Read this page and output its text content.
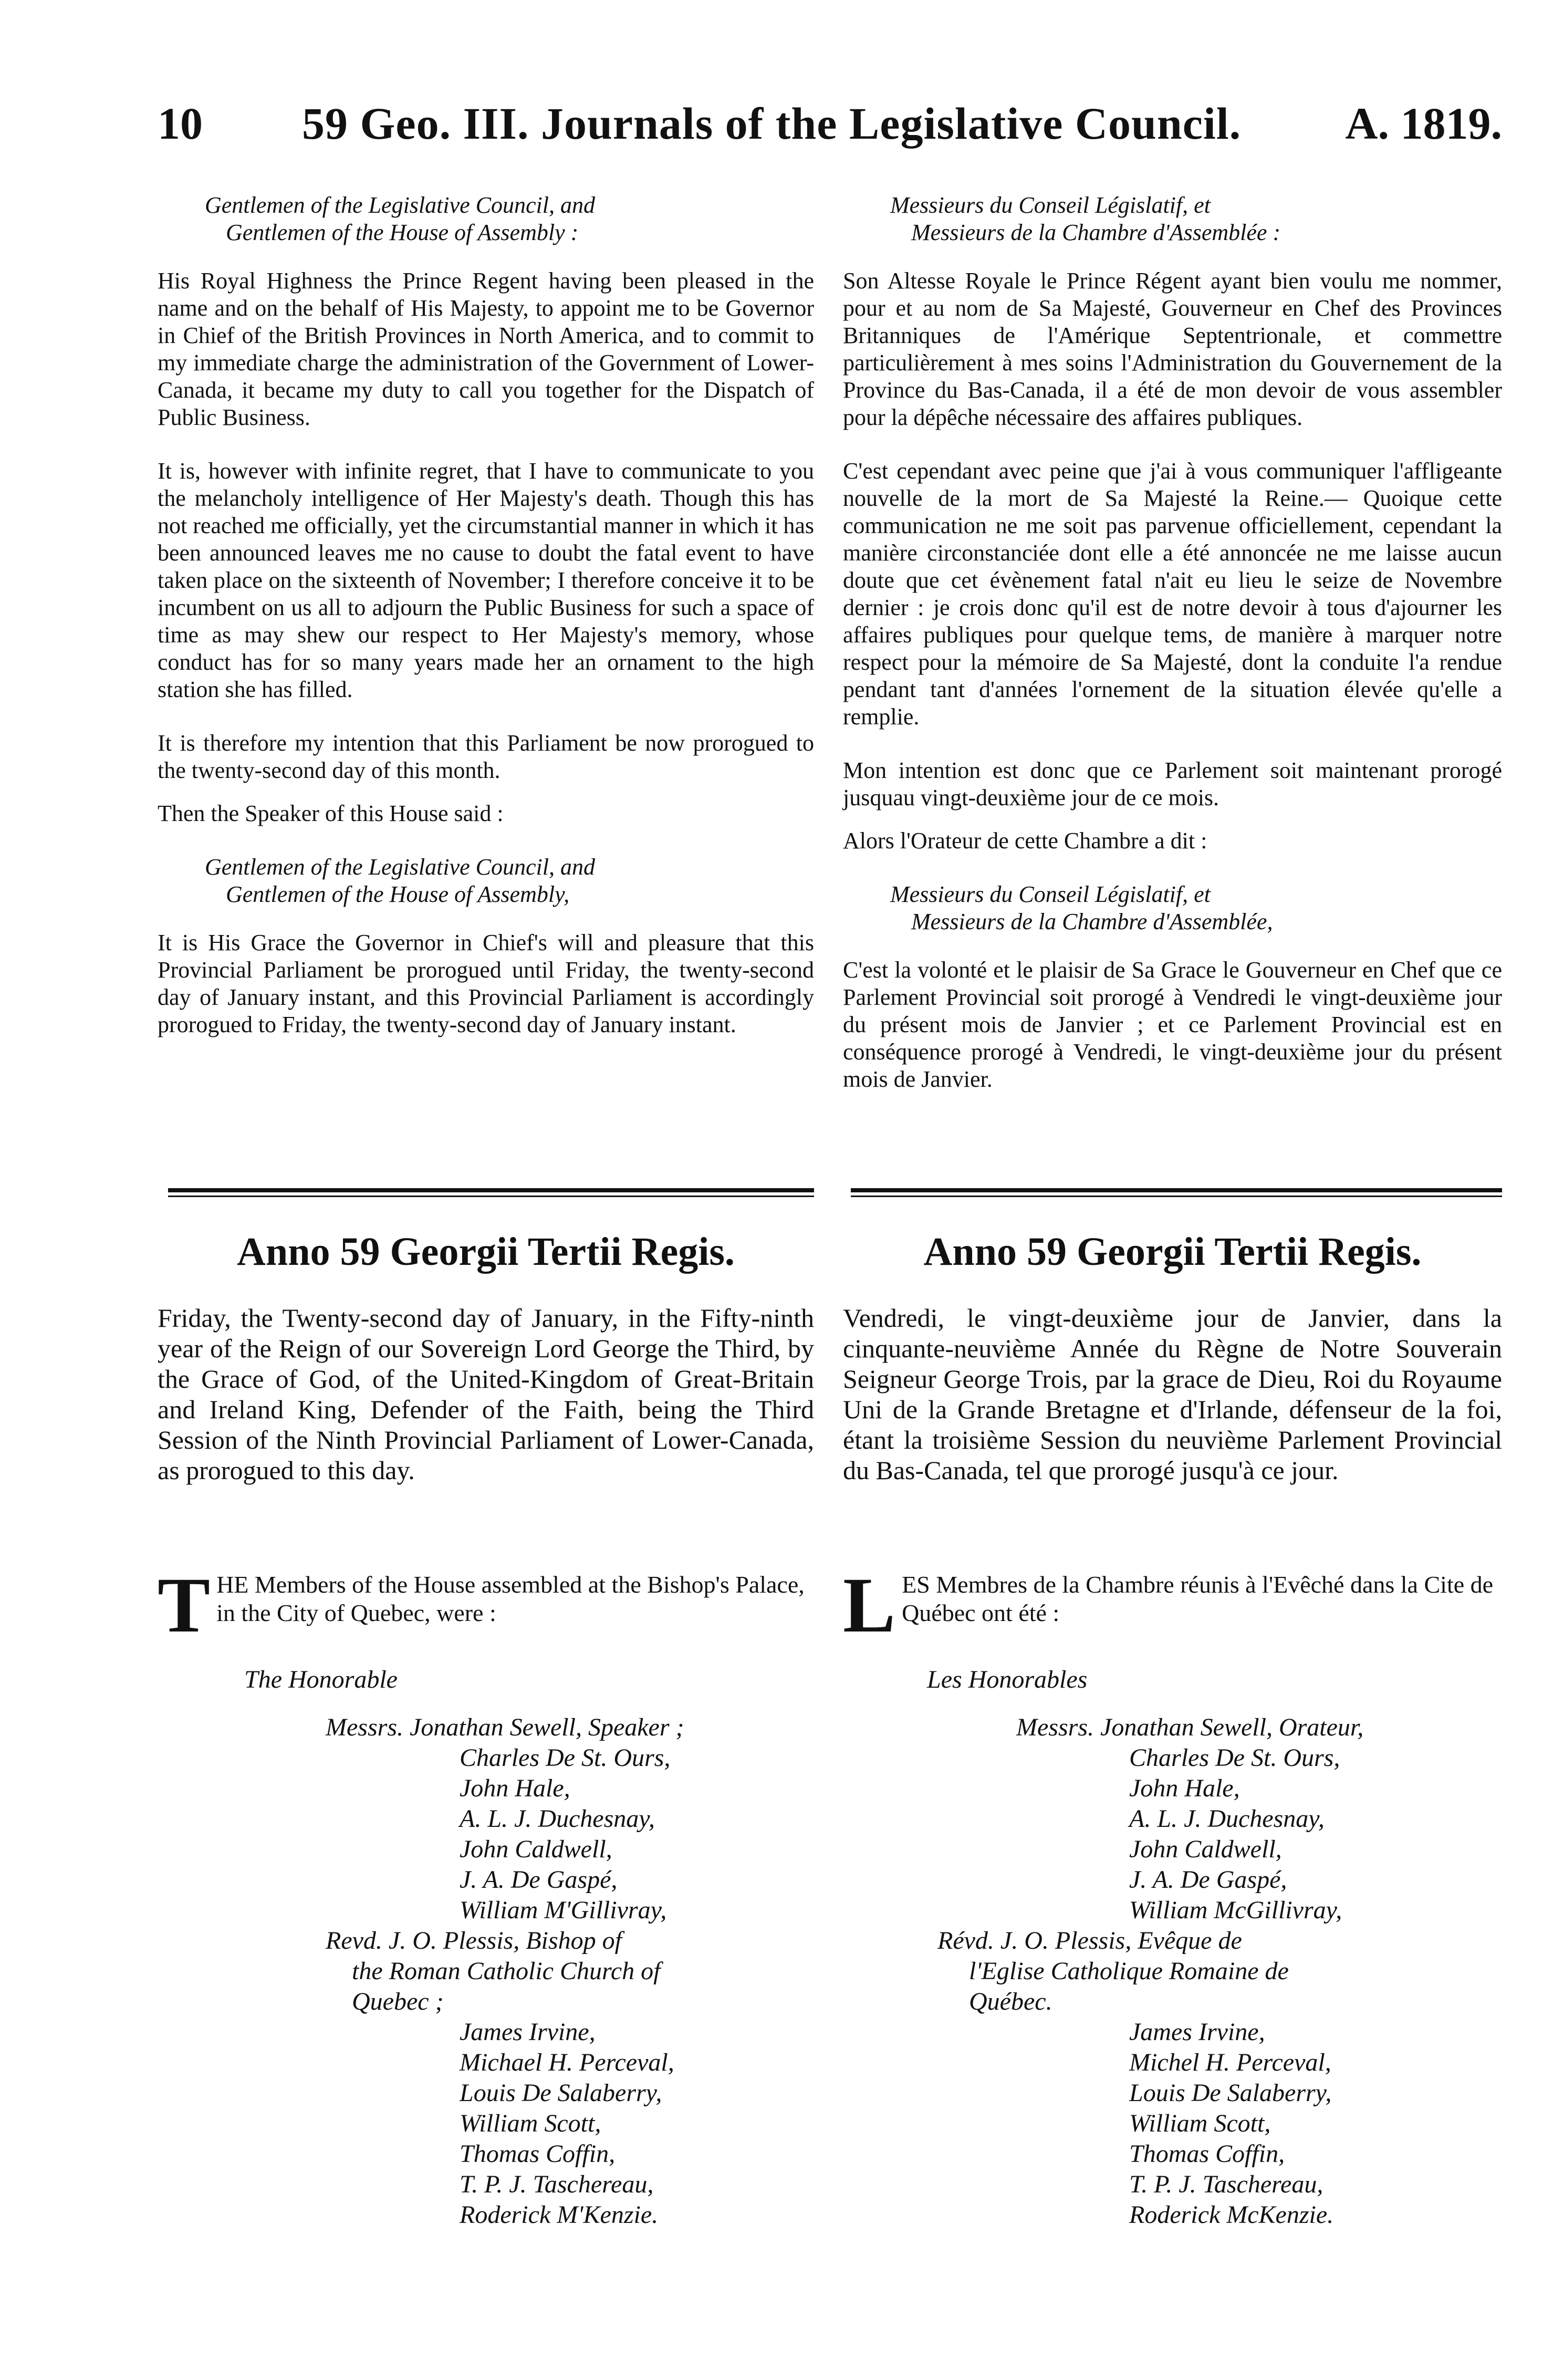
10 59 Geo. III. Journals of the Legislative Council. A. 1819.
Gentlemen of the Legislative Council, and
Gentlemen of the House of Assembly :

His Royal Highness the Prince Regent having been pleased in the name and on the behalf of His Majesty, to appoint me to be Governor in Chief of the British Provinces in North America, and to commit to my immediate charge the administration of the Government of Lower-Canada, it became my duty to call you together for the Dispatch of Public Business.

It is, however with infinite regret, that I have to communicate to you the melancholy intelligence of Her Majesty's death. Though this has not reached me officially, yet the circumstantial manner in which it has been announced leaves me no cause to doubt the fatal event to have taken place on the sixteenth of November; I therefore conceive it to be incumbent on us all to adjourn the Public Business for such a space of time as may shew our respect to Her Majesty's memory, whose conduct has for so many years made her an ornament to the high station she has filled.

It is therefore my intention that this Parliament be now prorogued to the twenty-second day of this month.

Then the Speaker of this House said :

Gentlemen of the Legislative Council, and
Gentlemen of the House of Assembly,

It is His Grace the Governor in Chief's will and pleasure that this Provincial Parliament be prorogued until Friday, the twenty-second day of January instant, and this Provincial Parliament is accordingly prorogued to Friday, the twenty-second day of January instant.

Messieurs du Conseil Législatif, et
Messieurs de la Chambre d'Assemblée :

Son Altesse Royale le Prince Régent ayant bien voulu me nommer, pour et au nom de Sa Majesté, Gouverneur en Chef des Provinces Britanniques de l'Amérique Septentrionale, et commettre particulièrement à mes soins l'Administration du Gouvernement de la Province du Bas-Canada, il a été de mon devoir de vous assembler pour la dépêche nécessaire des affaires publiques.

C'est cependant avec peine que j'ai à vous communiquer l'affligeante nouvelle de la mort de Sa Majesté la Reine.— Quoique cette communication ne me soit pas parvenue officiellement, cependant la manière circonstanciée dont elle a été annoncée ne me laisse aucun doute que cet évènement fatal n'ait eu lieu le seize de Novembre dernier : je crois donc qu'il est de notre devoir à tous d'ajourner les affaires publiques pour quelque tems, de manière à marquer notre respect pour la mémoire de Sa Majesté, dont la conduite l'a rendue pendant tant d'années l'ornement de la situation élevée qu'elle a remplie.

Mon intention est donc que ce Parlement soit maintenant prorogé jusquau vingt-deuxième jour de ce mois.

Alors l'Orateur de cette Chambre a dit :

Messieurs du Conseil Législatif, et
Messieurs de la Chambre d'Assemblée,

C'est la volonté et le plaisir de Sa Grace le Gouverneur en Chef que ce Parlement Provincial soit prorogé à Vendredi le vingt-deuxième jour du présent mois de Janvier ; et ce Parlement Provincial est en conséquence prorogé à Vendredi, le vingt-deuxième jour du présent mois de Janvier.

Anno 59 Georgii Tertii Regis.	Anno 59 Georgii Tertii Regis.
Friday, the Twenty-second day of January, in the Fifty-ninth year of the Reign of our Sovereign Lord George the Third, by the Grace of God, of the United-Kingdom of Great-Britain and Ireland King, Defender of the Faith, being the Third Session of the Ninth Provincial Parliament of Lower-Canada, as prorogued to this day.
Vendredi, le vingt-deuxième jour de Janvier, dans la cinquante-neuvième Année du Règne de Notre Souverain Seigneur George Trois, par la grace de Dieu, Roi du Royaume Uni de la Grande Bretagne et d'Irlande, défenseur de la foi, étant la troisième Session du neuvième Parlement Provincial du Bas-Canada, tel que prorogé jusqu'à ce jour.
T HE Members of the House assembled at the Bishop's Palace, in the City of Quebec, were :	L ES Membres de la Chambre réunis à l'Evêché dans la Cite de Québec ont été :
The Honorable	Les Honorables
Messrs. Jonathan Sewell, Speaker ;
Charles De St. Ours,
John Hale,
A. L. J. Duchesnay,
John Caldwell,
J. A. De Gaspé,
William M'Gillivray,
Revd. J. O. Plessis, Bishop of
the Roman Catholic Church of
Quebec ;
James Irvine,
Michael H. Perceval,
Louis De Salaberry,
William Scott,
Thomas Coffin,
T. P. J. Taschereau,
Roderick M'Kenzie.
Messrs. Jonathan Sewell, Orateur,
Charles De St. Ours,
John Hale,
A. L. J. Duchesnay,
John Caldwell,
J. A. De Gaspé,
William McGillivray,
Révd. J. O. Plessis, Evêque de
l'Eglise Catholique Romaine de
Québec.
James Irvine,
Michel H. Perceval,
Louis De Salaberry,
William Scott,
Thomas Coffin,
T. P. J. Taschereau,
Roderick McKenzie.
